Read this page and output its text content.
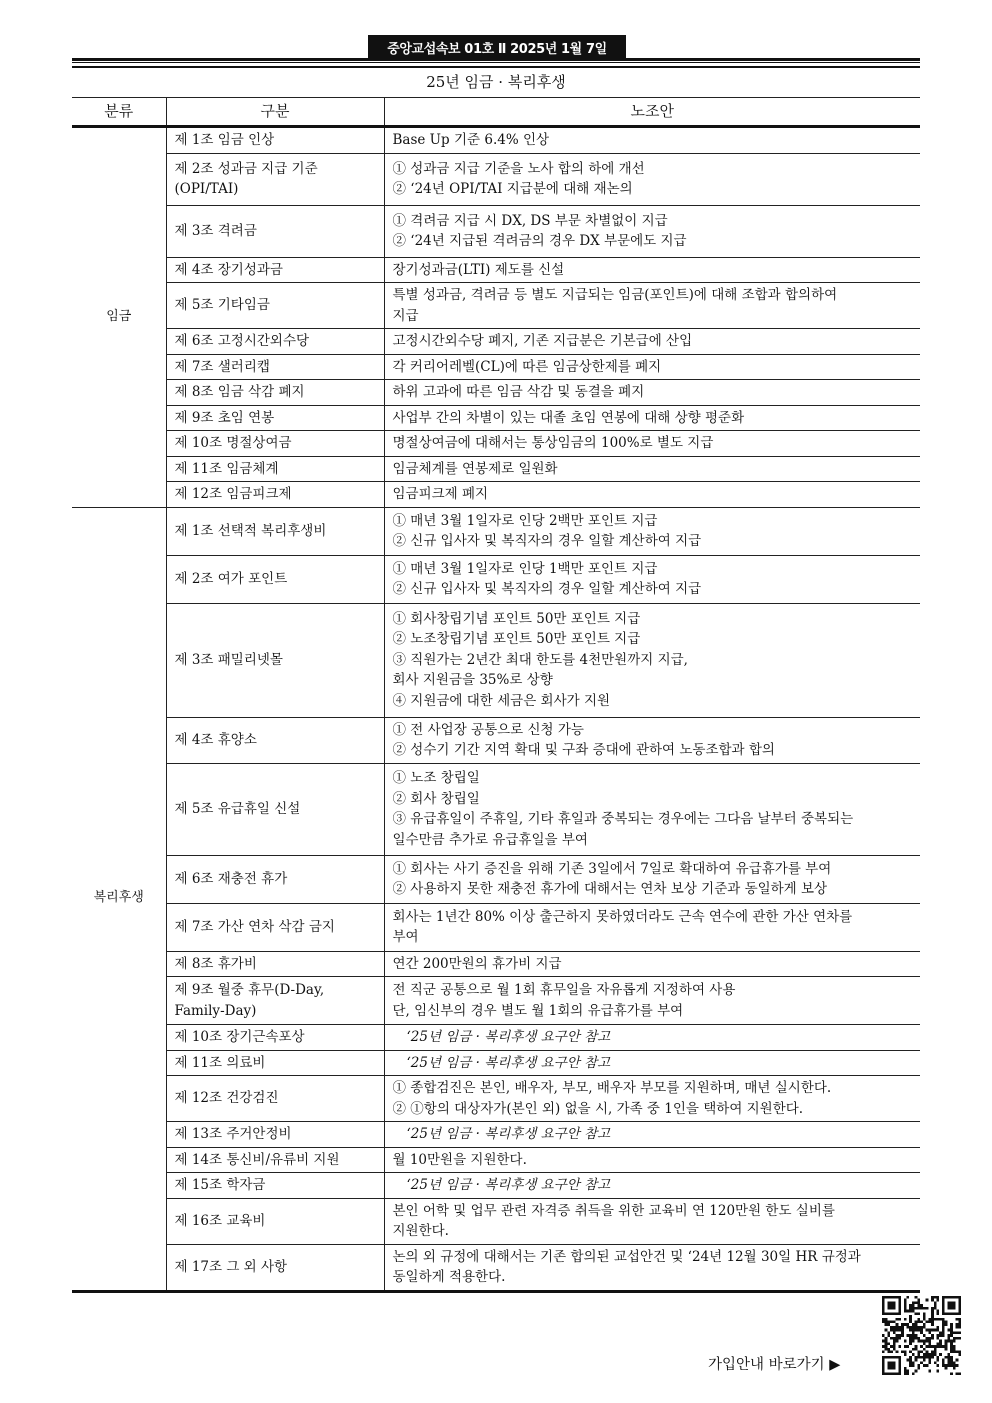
중앙교섭속보 01호 Ⅱ 2025년 1월 7일
25년 임금 · 복리후생		
분류	구분	노조안
임금	제 1조 임금 인상	Base Up 기준 6.4% 인상

	제 2조 성과금 지급 기준(OPI/TAI)	① 성과금 지급 기준을 노사 합의 하에 개선
② ‘24년 OPI/TAI 지급분에 대해 재논의

	제 3조 격려금	① 격려금 지급 시 DX, DS 부문 차별없이 지급
② ‘24년 지급된 격려금의 경우 DX 부문에도 지급

	제 4조 장기성과금	장기성과금(LTI) 제도를 신설

	제 5조 기타임금	특별 성과금, 격려금 등 별도 지급되는 임금(포인트)에 대해 조합과 합의하여
지급

	제 6조 고정시간외수당	고정시간외수당 폐지, 기존 지급분은 기본급에 산입

	제 7조 샐러리캡	각 커리어레벨(CL)에 따른 임금상한제를 폐지

	제 8조 임금 삭감 폐지	하위 고과에 따른 임금 삭감 및 동결을 폐지

	제 9조 초임 연봉	사업부 간의 차별이 있는 대졸 초임 연봉에 대해 상향 평준화

	제 10조 명절상여금	명절상여금에 대해서는 통상임금의 100%로 별도 지급

	제 11조 임금체계	임금체계를 연봉제로 일원화

	제 12조 임금피크제	임금피크제 폐지

복리후생	제 1조 선택적 복리후생비	① 매년 3월 1일자로 인당 2백만 포인트 지급
② 신규 입사자 및 복직자의 경우 일할 계산하여 지급

	제 2조 여가 포인트	① 매년 3월 1일자로 인당 1백만 포인트 지급
② 신규 입사자 및 복직자의 경우 일할 계산하여 지급

	제 3조 패밀리넷몰	① 회사창립기념 포인트 50만 포인트 지급
② 노조창립기념 포인트 50만 포인트 지급
③ 직원가는 2년간 최대 한도를 4천만원까지 지급,
회사 지원금을 35%로 상향
④ 지원금에 대한 세금은 회사가 지원

	제 4조 휴양소	① 전 사업장 공통으로 신청 가능
② 성수기 기간 지역 확대 및 구좌 증대에 관하여 노동조합과 합의

	제 5조 유급휴일 신설	① 노조 창립일
② 회사 창립일
③ 유급휴일이 주휴일, 기타 휴일과 중복되는 경우에는 그다음 날부터 중복되는
일수만큼 추가로 유급휴일을 부여

	제 6조 재충전 휴가	① 회사는 사기 증진을 위해 기존 3일에서 7일로 확대하여 유급휴가를 부여
② 사용하지 못한 재충전 휴가에 대해서는 연차 보상 기준과 동일하게 보상

	제 7조 가산 연차 삭감 금지	회사는 1년간 80% 이상 출근하지 못하였더라도 근속 연수에 관한 가산 연차를
부여

	제 8조 휴가비	연간 200만원의 휴가비 지급

	제 9조 월중 휴무(D-Day, Family-Day)	전 직군 공통으로 월 1회 휴무일을 자유롭게 지정하여 사용
단, 임신부의 경우 별도 월 1회의 유급휴가를 부여

	제 10조 장기근속포상	‘25년 임금 · 복리후생 요구안 참고

	제 11조 의료비	‘25년 임금 · 복리후생 요구안 참고

	제 12조 건강검진	① 종합검진은 본인, 배우자, 부모, 배우자 부모를 지원하며, 매년 실시한다.
② ①항의 대상자가(본인 외) 없을 시, 가족 중 1인을 택하여 지원한다.

	제 13조 주거안정비	‘25년 임금 · 복리후생 요구안 참고

	제 14조 통신비/유류비 지원	월 10만원을 지원한다.

	제 15조 학자금	‘25년 임금 · 복리후생 요구안 참고

	제 16조 교육비	본인 어학 및 업무 관련 자격증 취득을 위한 교육비 연 120만원 한도 실비를
지원한다.

	제 17조 그 외 사항	논의 외 규정에 대해서는 기존 합의된 교섭안건 및 ‘24년 12월 30일 HR 규정과
동일하게 적용한다.
가입안내 바로가기 ▶
